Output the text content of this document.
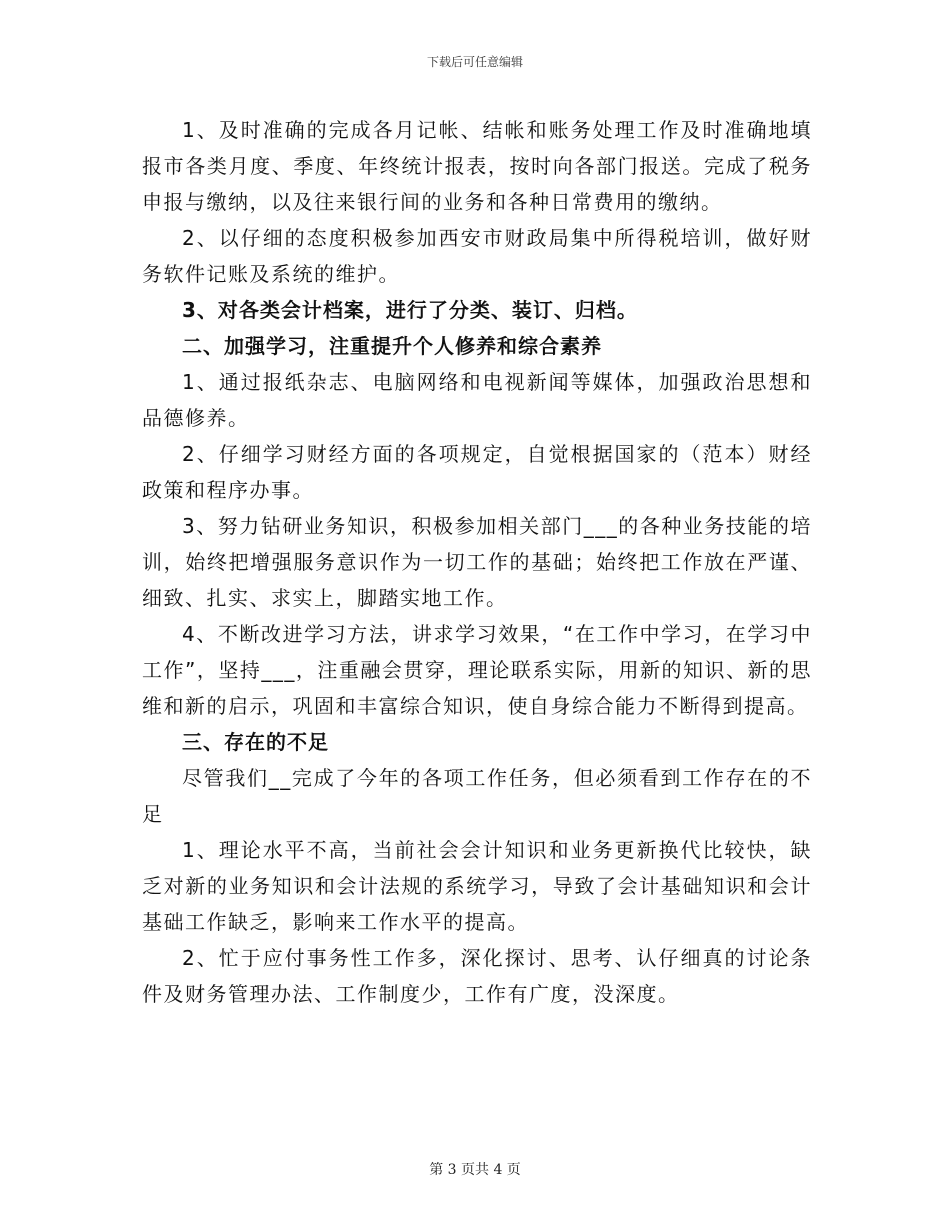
下载后可任意编辑

1、及时准确的完成各月记帐、结帐和账务处理工作及时准确地填报市各类月度、季度、年终统计报表，按时向各部门报送。完成了税务申报与缴纳，以及往来银行间的业务和各种日常费用的缴纳。

2、以仔细的态度积极参加西安市财政局集中所得税培训，做好财务软件记账及系统的维护。

3、对各类会计档案，进行了分类、装订、归档。

二、加强学习，注重提升个人修养和综合素养

1、通过报纸杂志、电脑网络和电视新闻等媒体，加强政治思想和品德修养。

2、仔细学习财经方面的各项规定，自觉根据国家的（范本）财经政策和程序办事。

3、努力钻研业务知识，积极参加相关部门___的各种业务技能的培训，始终把增强服务意识作为一切工作的基础；始终把工作放在严谨、细致、扎实、求实上，脚踏实地工作。

4、不断改进学习方法，讲求学习效果，“在工作中学习，在学习中工作”，坚持___，注重融会贯穿，理论联系实际，用新的知识、新的思维和新的启示，巩固和丰富综合知识，使自身综合能力不断得到提高。

三、存在的不足

尽管我们__完成了今年的各项工作任务，但必须看到工作存在的不足

1、理论水平不高，当前社会会计知识和业务更新换代比较快，缺乏对新的业务知识和会计法规的系统学习，导致了会计基础知识和会计基础工作缺乏，影响来工作水平的提高。

2、忙于应付事务性工作多，深化探讨、思考、认仔细真的讨论条件及财务管理办法、工作制度少，工作有广度，没深度。

第 3 页共 4 页
